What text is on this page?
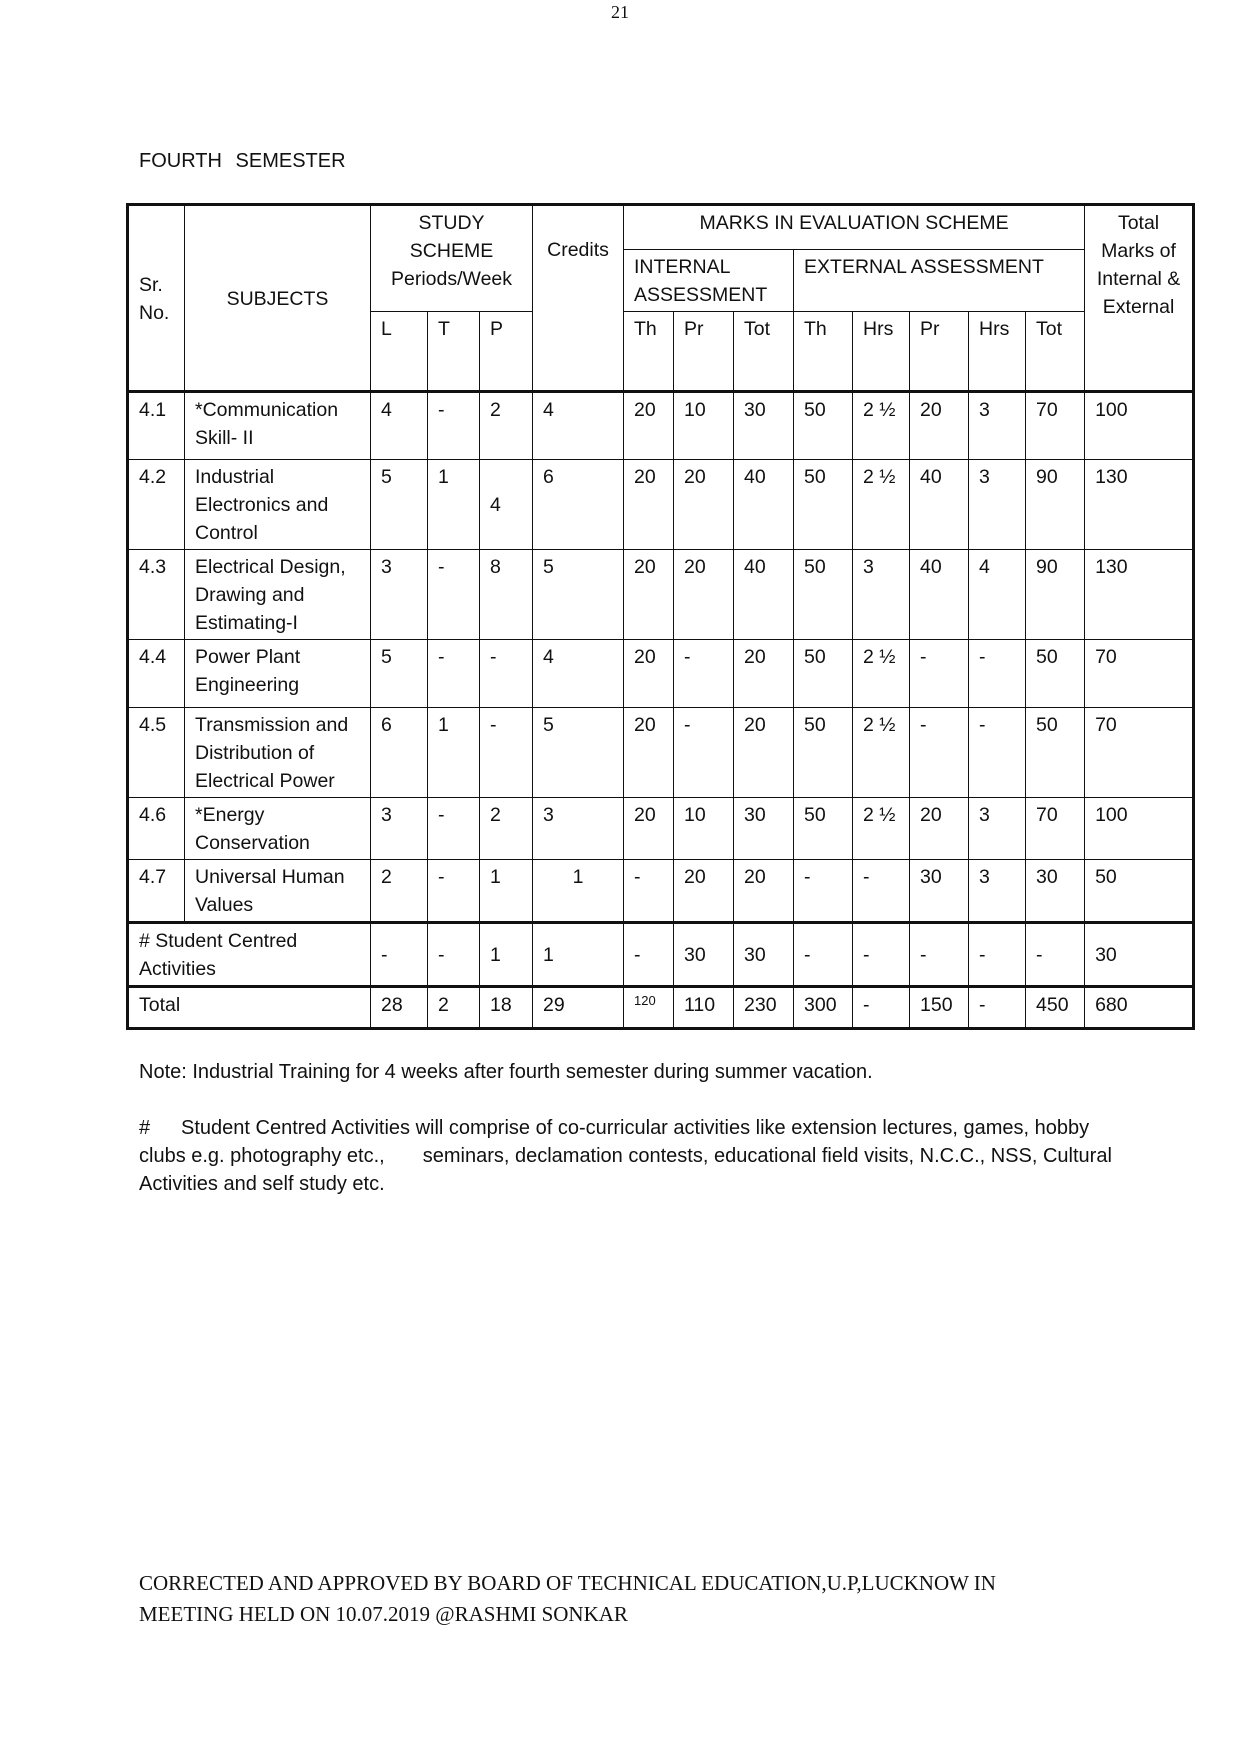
21
FOURTH SEMESTER
Sr. No.	SUBJECTS	STUDY SCHEME Periods/Week			Credits	MARKS IN EVALUATION SCHEME								Total Marks of Internal & External
						INTERNAL ASSESSMENT			EXTERNAL ASSESSMENT					
		L	T	P		Th	Pr	Tot	Th	Hrs	Pr	Hrs	Tot	
4.1	*Communication Skill- II	4	-	2	4	20	10	30	50	2 ½	20	3	70	100
4.2	Industrial Electronics and Control	5	1	4	6	20	20	40	50	2 ½	40	3	90	130
4.3	Electrical Design, Drawing and Estimating-I	3	-	8	5	20	20	40	50	3	40	4	90	130
4.4	Power Plant Engineering	5	-	-	4	20	-	20	50	2 ½	-	-	50	70
4.5	Transmission and Distribution of Electrical Power	6	1	-	5	20	-	20	50	2 ½	-	-	50	70
4.6	*Energy Conservation	3	-	2	3	20	10	30	50	2 ½	20	3	70	100
4.7	Universal Human Values	2	-	1	1	-	20	20	-	-	30	3	30	50
# Student Centred Activities		-	-	1	1	-	30	30	-	-	-	-	-	30
Total		28	2	18	29	120	110	230	300	-	150	-	450	680
Note: Industrial Training for 4 weeks after fourth semester during summer vacation.
# Student Centred Activities will comprise of co-curricular activities like extension lectures, games, hobby clubs e.g. photography etc., seminars, declamation contests, educational field visits, N.C.C., NSS, Cultural Activities and self study etc.
CORRECTED AND APPROVED BY BOARD OF TECHNICAL EDUCATION,U.P,LUCKNOW IN
MEETING HELD ON 10.07.2019 @RASHMI SONKAR
